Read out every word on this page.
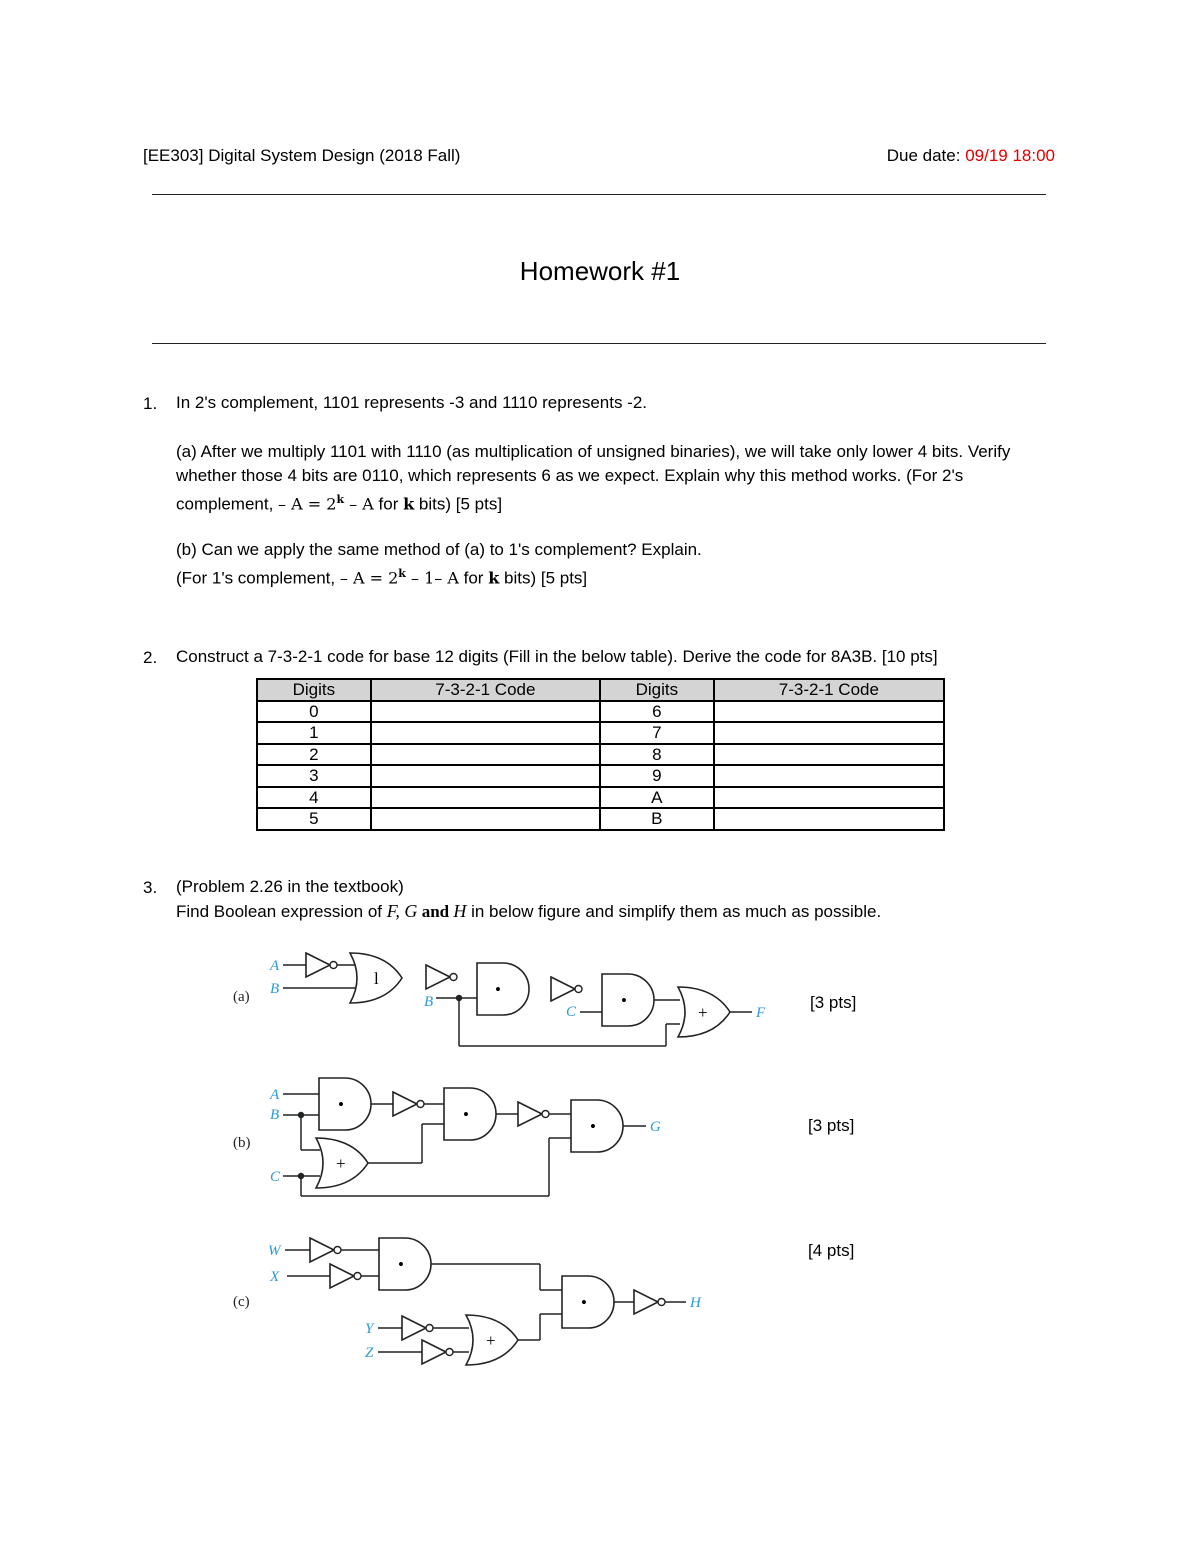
[EE303] Digital System Design (2018 Fall)	Due date: 09/19 18:00
Homework #1
1. In 2's complement, 1101 represents -3 and 1110 represents -2.
(a) After we multiply 1101 with 1110 (as multiplication of unsigned binaries), we will take only lower 4 bits. Verify whether those 4 bits are 0110, which represents 6 as we expect. Explain why this method works. (For 2's complement, – $A = 2^k - A$ for k bits) [5 pts]
(b) Can we apply the same method of (a) to 1's complement? Explain.
(For 1's complement, – $A = 2^k - 1-$ A for k bits) [5 pts]
2. Construct a 7-3-2-1 code for base 12 digits (Fill in the below table). Derive the code for 8A3B. [10 pts]
Digits	7-3-2-1 Code	Digits	7-3-2-1 Code
0		6	
1		7	
2		8	
3		9	
4		A	
5		B	
3. (Problem 2.26 in the textbook)
Find Boolean expression of F, G and H in below figure and simplify them as much as possible.
[3 pts]
[3 pts]
[4 pts]
(a)
A
B
l
B
•
C
•
+	F
(b)
A
B
C
•
+
•
•	G
(c)
W
X
Y
Z
•
+
•	H
